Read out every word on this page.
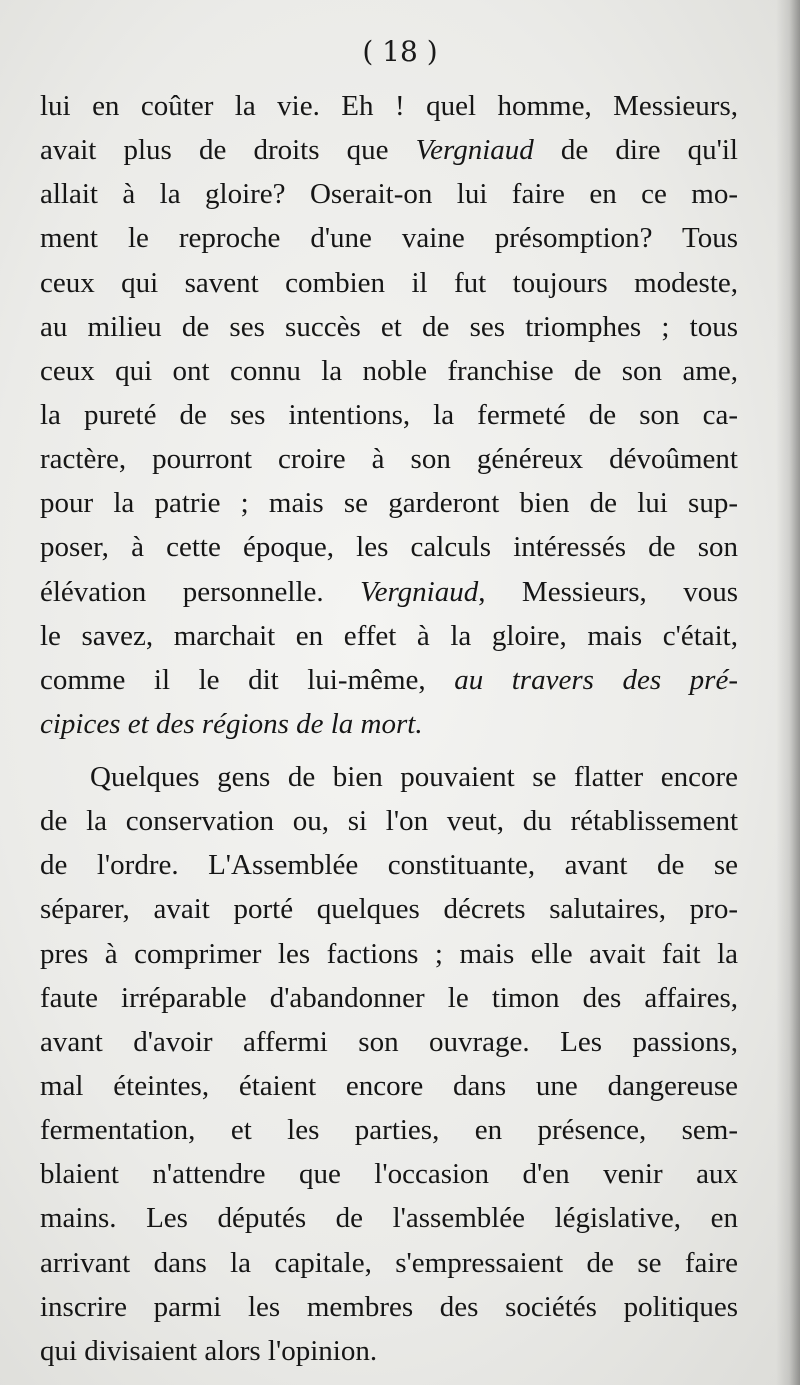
( 18 )
lui en coûter la vie. Eh ! quel homme, Messieurs,
avait plus de droits que Vergniaud de dire qu'il
allait à la gloire? Oserait-on lui faire en ce mo-
ment le reproche d'une vaine présomption? Tous
ceux qui savent combien il fut toujours modeste,
au milieu de ses succès et de ses triomphes ; tous
ceux qui ont connu la noble franchise de son ame,
la pureté de ses intentions, la fermeté de son ca-
ractère, pourront croire à son généreux dévoûment
pour la patrie ; mais se garderont bien de lui sup-
poser, à cette époque, les calculs intéressés de son
élévation personnelle. Vergniaud, Messieurs, vous
le savez, marchait en effet à la gloire, mais c'était,
comme il le dit lui-même, au travers des pré-
cipices et des régions de la mort.
Quelques gens de bien pouvaient se flatter encore
de la conservation ou, si l'on veut, du rétablissement
de l'ordre. L'Assemblée constituante, avant de se
séparer, avait porté quelques décrets salutaires, pro-
pres à comprimer les factions ; mais elle avait fait la
faute irréparable d'abandonner le timon des affaires,
avant d'avoir affermi son ouvrage. Les passions,
mal éteintes, étaient encore dans une dangereuse
fermentation, et les parties, en présence, sem-
blaient n'attendre que l'occasion d'en venir aux
mains. Les députés de l'assemblée législative, en
arrivant dans la capitale, s'empressaient de se faire
inscrire parmi les membres des sociétés politiques
qui divisaient alors l'opinion.
